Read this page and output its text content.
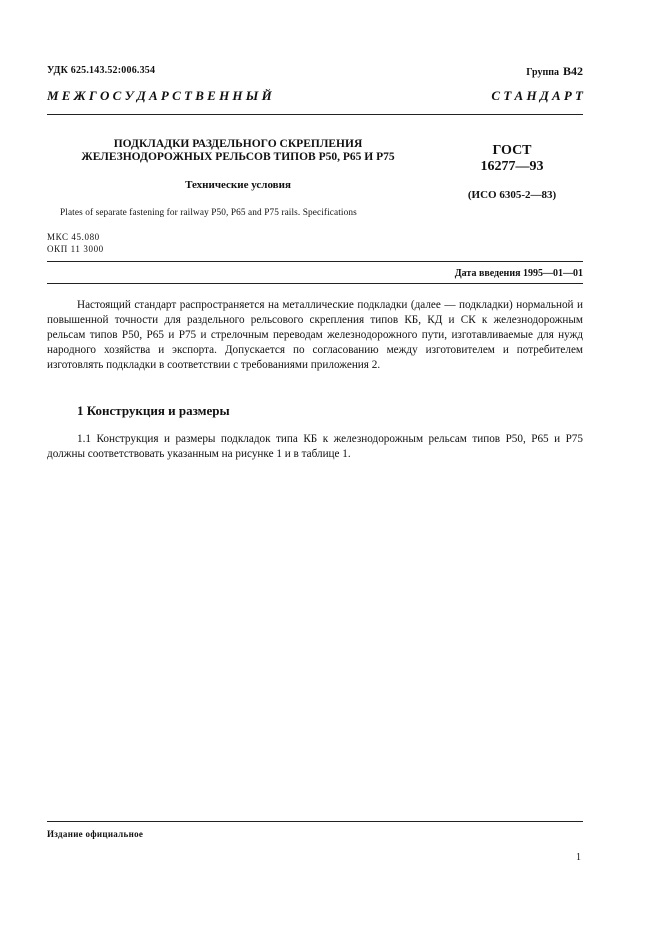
УДК 625.143.52:006.354	Группа В42
М Е Ж Г О С У Д А Р С Т В Е Н Н Ы Й	С Т А Н Д А Р Т
ПОДКЛАДКИ РАЗДЕЛЬНОГО СКРЕПЛЕНИЯ
ЖЕЛЕЗНОДОРОЖНЫХ РЕЛЬСОВ ТИПОВ Р50, Р65 И Р75
Технические условия
Plates of separate fastening for railway P50, P65 and P75 rails. Specifications
ГОСТ
16277—93
(ИСО 6305-2—83)
МКС 45.080
ОКП 11 3000
Дата введения 1995—01—01
Настоящий стандарт распространяется на металлические подкладки (далее — подкладки) нормальной и повышенной точности для раздельного рельсового скрепления типов КБ, КД и СК к железнодорожным рельсам типов Р50, Р65 и Р75 и стрелочным переводам железнодорожного пути, изготавливаемые для нужд народного хозяйства и экспорта. Допускается по согласованию между изготовителем и потребителем изготовлять подкладки в соответствии с требованиями приложения 2.
1 Конструкция и размеры
1.1 Конструкция и размеры подкладок типа КБ к железнодорожным рельсам типов Р50, Р65 и Р75 должны соответствовать указанным на рисунке 1 и в таблице 1.
Издание официальное
1
